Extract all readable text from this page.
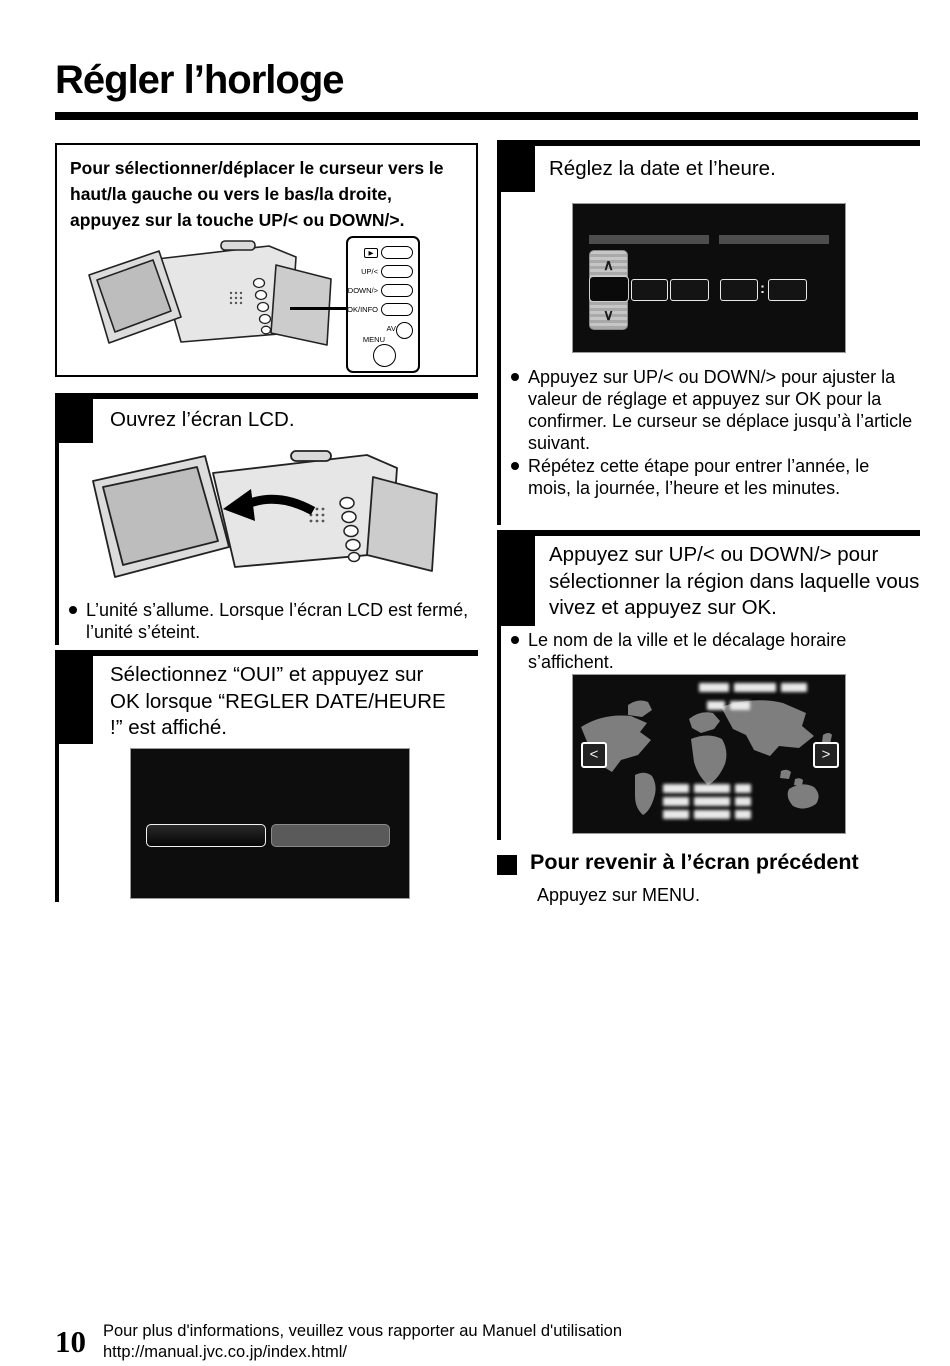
Régler l’horloge

Pour sélectionner/déplacer le curseur vers le haut/la gauche ou vers le bas/la droite, appuyez sur la touche UP/< ou DOWN/>.

▶
UP/<
DOWN/>
OK/INFO
AV
MENU
Ouvrez l’écran LCD.
L’unité s’allume. Lorsque l’écran LCD est fermé, l’unité s’éteint.
Sélectionnez “OUI” et appuyez sur OK lorsque “REGLER DATE/HEURE !” est affiché.
Réglez la date et l’heure.
∧
∨
:
Appuyez sur UP/< ou DOWN/> pour ajuster la valeur de réglage et appuyez sur OK pour la confirmer. Le curseur se déplace jusqu’à l’article suivant.
Répétez cette étape pour entrer l’année, le mois, la journée, l’heure et les minutes.
Appuyez sur UP/< ou DOWN/> pour sélectionner la région dans laquelle vous vivez et appuyez sur OK.
Le nom de la ville et le décalage horaire s’affichent.
<	>
Pour revenir à l’écran précédent
Appuyez sur MENU.
10 Pour plus d'informations, veuillez vous rapporter au Manuel d'utilisation
http://manual.jvc.co.jp/index.html/
